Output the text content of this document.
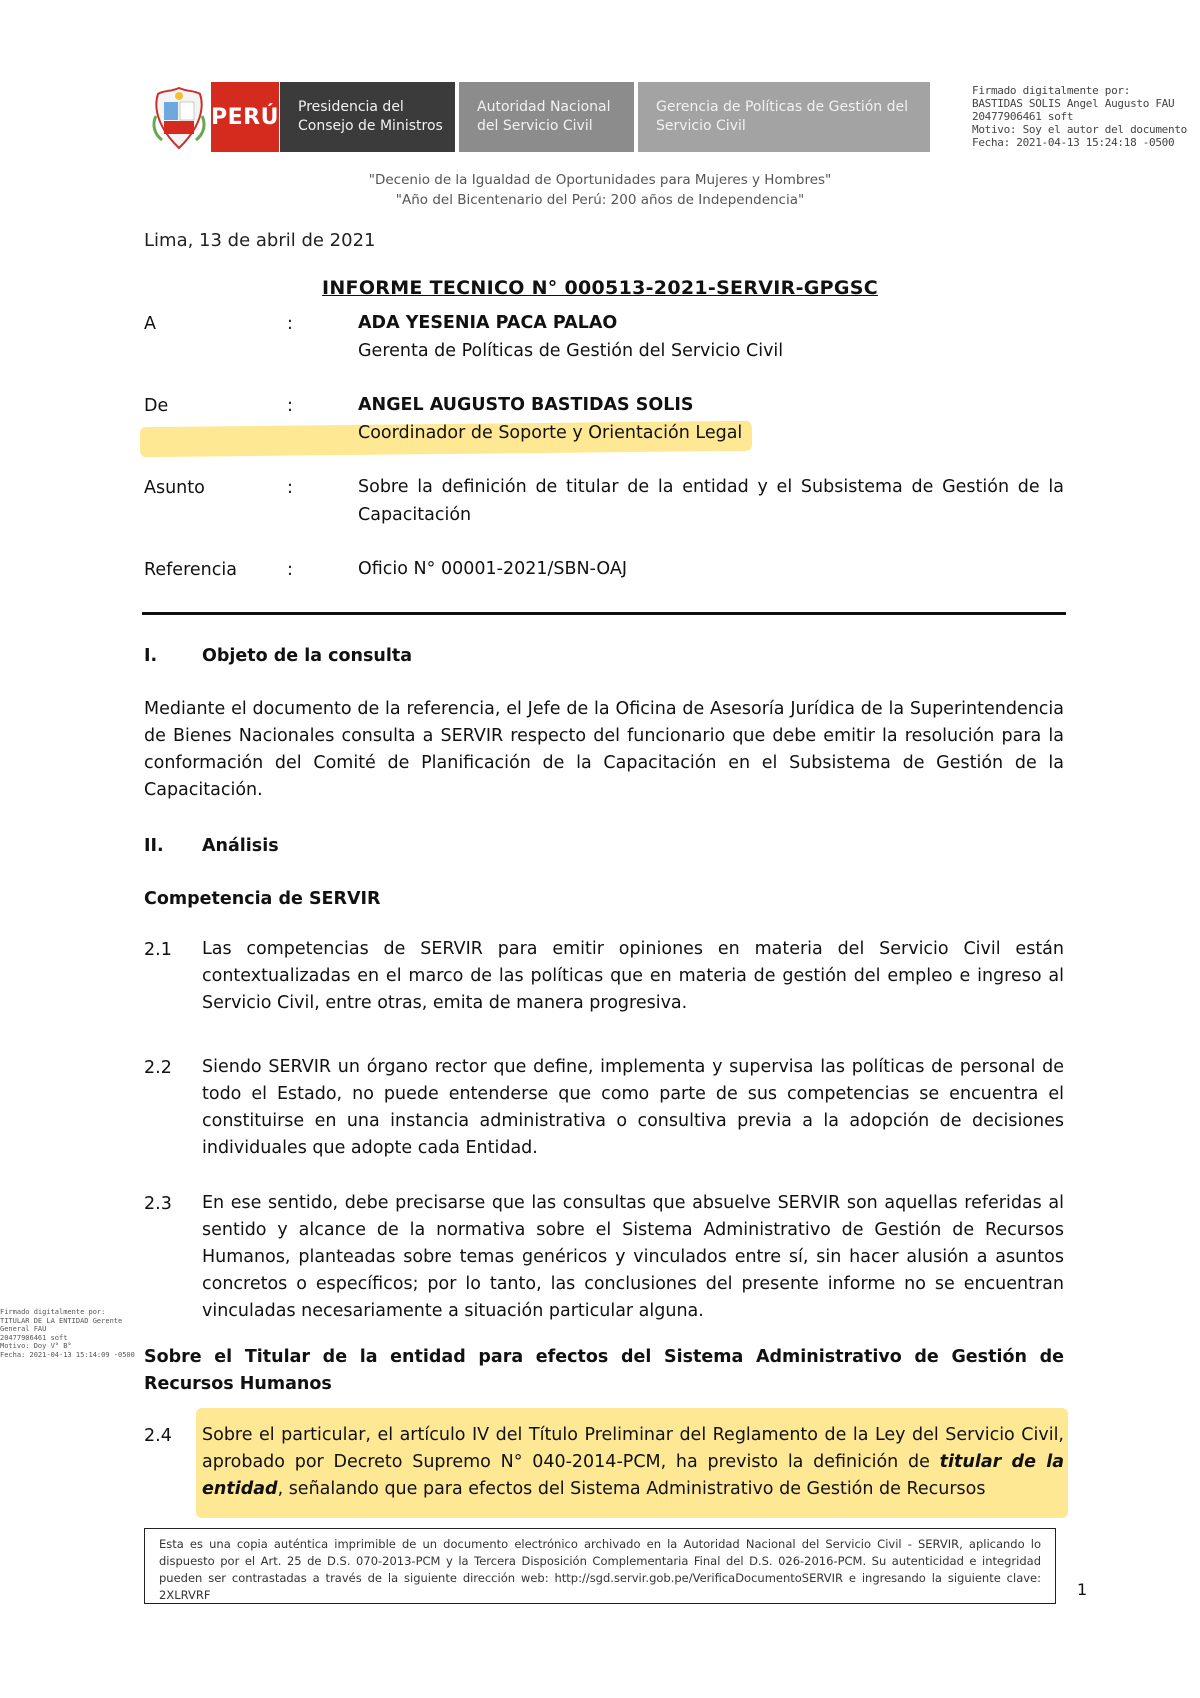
PERÚ Presidencia del
Consejo de Ministros
Autoridad Nacional
del Servicio Civil
Gerencia de Políticas de Gestión del
Servicio Civil
Firmado digitalmente por:
BASTIDAS SOLIS Angel Augusto FAU
20477906461 soft
Motivo: Soy el autor del documento
Fecha: 2021-04-13 15:24:18 -0500
"Decenio de la Igualdad de Oportunidades para Mujeres y Hombres"
"Año del Bicentenario del Perú: 200 años de Independencia"
Lima, 13 de abril de 2021
INFORME TECNICO N° 000513-2021-SERVIR-GPGSC
A	:	ADA YESENIA PACA PALAO
Gerenta de Políticas de Gestión del Servicio Civil
De	:	ANGEL AUGUSTO BASTIDAS SOLIS
Coordinador de Soporte y Orientación Legal
Asunto	:	Sobre la definición de titular de la entidad y el Subsistema de Gestión de la
Capacitación
Referencia	:	Oficio N° 00001-2021/SBN-OAJ
I.	Objeto de la consulta
Mediante el documento de la referencia, el Jefe de la Oficina de Asesoría Jurídica de la Superintendencia de Bienes Nacionales consulta a SERVIR respecto del funcionario que debe emitir la resolución para la conformación del Comité de Planificación de la Capacitación en el Subsistema de Gestión de la Capacitación.
II. Análisis
Competencia de SERVIR
2.1 Las competencias de SERVIR para emitir opiniones en materia del Servicio Civil están contextualizadas en el marco de las políticas que en materia de gestión del empleo e ingreso al Servicio Civil, entre otras, emita de manera progresiva.
2.2 Siendo SERVIR un órgano rector que define, implementa y supervisa las políticas de personal de todo el Estado, no puede entenderse que como parte de sus competencias se encuentra el constituirse en una instancia administrativa o consultiva previa a la adopción de decisiones individuales que adopte cada Entidad.
2.3 En ese sentido, debe precisarse que las consultas que absuelve SERVIR son aquellas referidas al sentido y alcance de la normativa sobre el Sistema Administrativo de Gestión de Recursos Humanos, planteadas sobre temas genéricos y vinculados entre sí, sin hacer alusión a asuntos concretos o específicos; por lo tanto, las conclusiones del presente informe no se encuentran vinculadas necesariamente a situación particular alguna.
Firmado digitalmente por:
TITULAR DE LA ENTIDAD Gerente General FAU
20477906461 soft
Motivo: Doy V° B°
Fecha: 2021-04-13 15:14:09 -0500 Sobre el Titular de la entidad para efectos del Sistema Administrativo de Gestión de Recursos Humanos
2.4 Sobre el particular, el artículo IV del Título Preliminar del Reglamento de la Ley del Servicio Civil, aprobado por Decreto Supremo N° 040-2014-PCM, ha previsto la definición de titular de la entidad, señalando que para efectos del Sistema Administrativo de Gestión de Recursos
Esta es una copia auténtica imprimible de un documento electrónico archivado en la Autoridad Nacional del Servicio Civil - SERVIR, aplicando lo dispuesto por el Art. 25 de D.S. 070-2013-PCM y la Tercera Disposición Complementaria Final del D.S. 026-2016-PCM. Su autenticidad e integridad pueden ser contrastadas a través de la siguiente dirección web: http://sgd.servir.gob.pe/VerificaDocumentoSERVIR e ingresando la siguiente clave: 2XLRVRF	1
